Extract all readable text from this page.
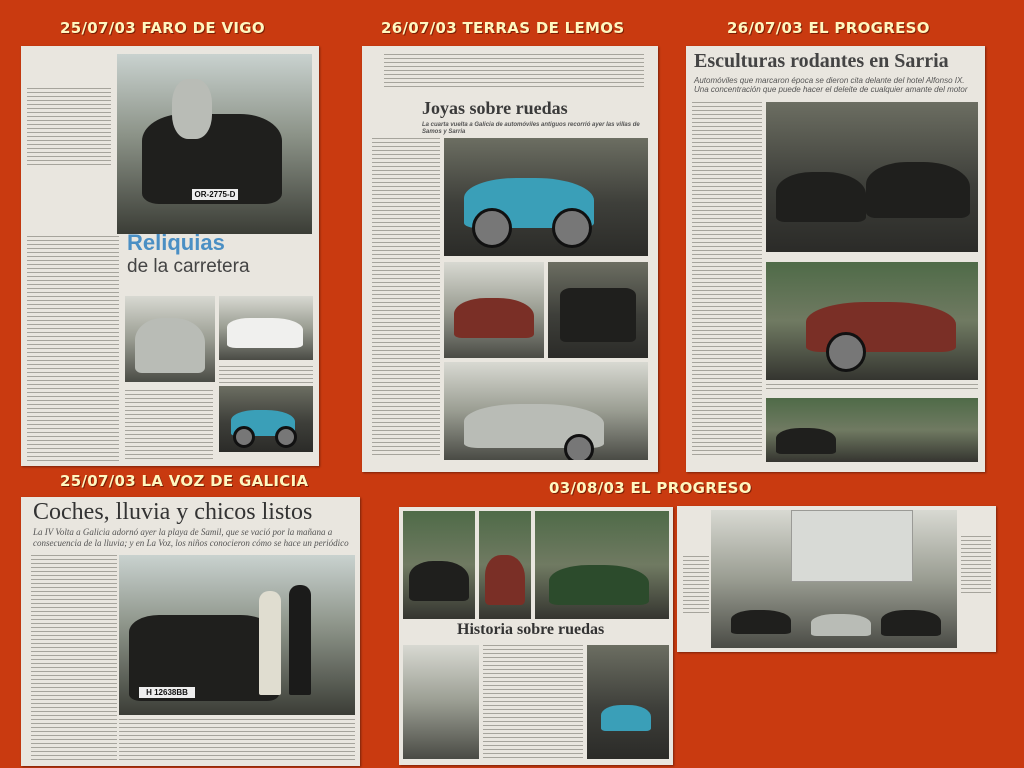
25/07/03 FARO DE VIGO	26/07/03 TERRAS DE LEMOS	26/07/03 EL PROGRESO
25/07/03 LA VOZ DE GALICIA	03/08/03 EL PROGRESO
OR-2775-D

Reliquias
de la carretera
Joyas sobre ruedas
La cuarta vuelta a Galicia de automóviles antiguos recorrió ayer las villas de Samos y Sarria
Esculturas rodantes en Sarria
Automóviles que marcaron época se dieron cita delante del hotel Alfonso IX. Una concentración que puede hacer el deleite de cualquier amante del motor
Coches, lluvia y chicos listos
La IV Volta a Galicia adornó ayer la playa de Samil, que se vació por la mañana a consecuencia de la lluvia; y en La Voz, los niños conocieron cómo se hace un periódico
H 12638BB
Historia sobre ruedas
